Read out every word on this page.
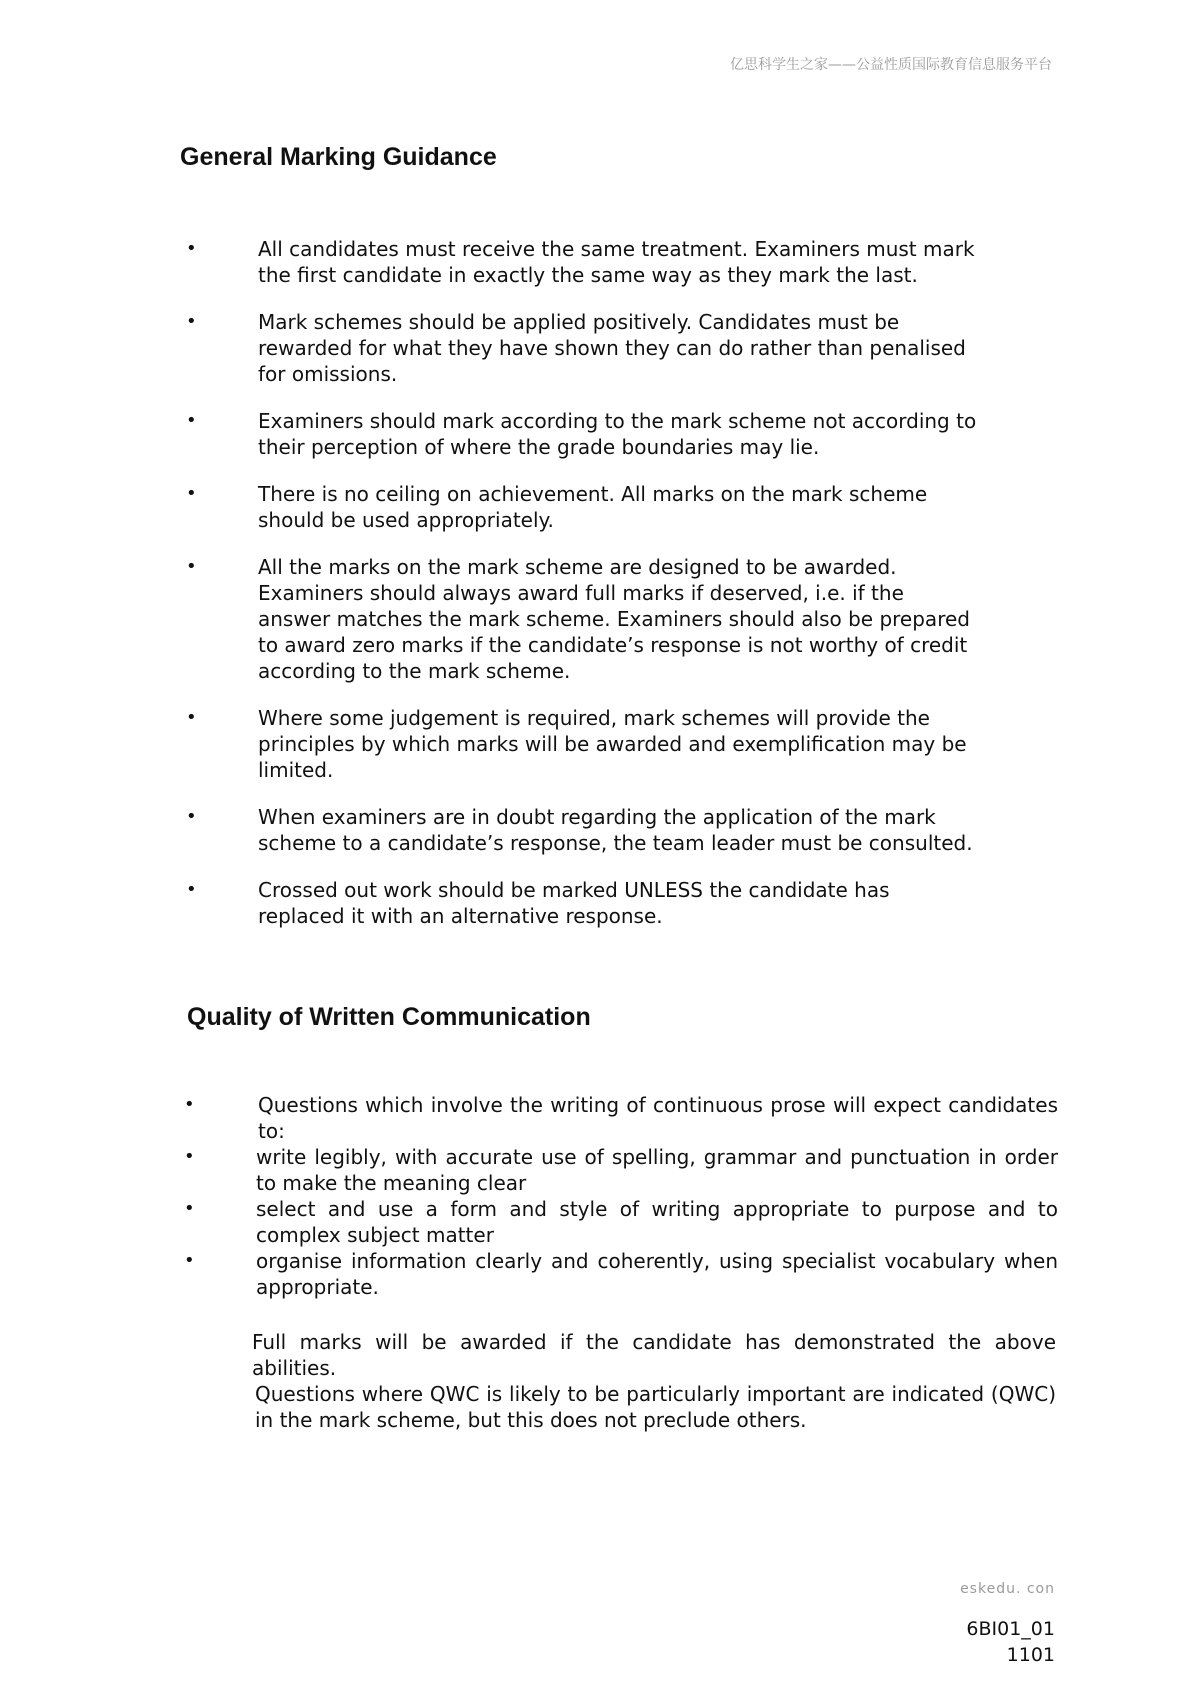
亿思科学生之家——公益性质国际教育信息服务平台
General Marking Guidance
•	All candidates must receive the same treatment. Examiners must mark the first candidate in exactly the same way as they mark the last.
•	Mark schemes should be applied positively. Candidates must be rewarded for what they have shown they can do rather than penalised for omissions.
•	Examiners should mark according to the mark scheme not according to their perception of where the grade boundaries may lie.
•	There is no ceiling on achievement. All marks on the mark scheme should be used appropriately.
•	All the marks on the mark scheme are designed to be awarded. Examiners should always award full marks if deserved, i.e. if the answer matches the mark scheme. Examiners should also be prepared to award zero marks if the candidate’s response is not worthy of credit according to the mark scheme.
•	Where some judgement is required, mark schemes will provide the principles by which marks will be awarded and exemplification may be limited.
•	When examiners are in doubt regarding the application of the mark scheme to a candidate’s response, the team leader must be consulted.
•	Crossed out work should be marked UNLESS the candidate has replaced it with an alternative response.
Quality of Written Communication
•	Questions which involve the writing of continuous prose will expect candidates to:
•	write legibly, with accurate use of spelling, grammar and punctuation in order to make the meaning clear
•	select and use a form and style of writing appropriate to purpose and to complex subject matter
•	organise information clearly and coherently, using specialist vocabulary when appropriate.

Full marks will be awarded if the candidate has demonstrated the above abilities.

Questions where QWC is likely to be particularly important are indicated (QWC) in the mark scheme, but this does not preclude others.

eskedu. con
6BI01_01
1101
